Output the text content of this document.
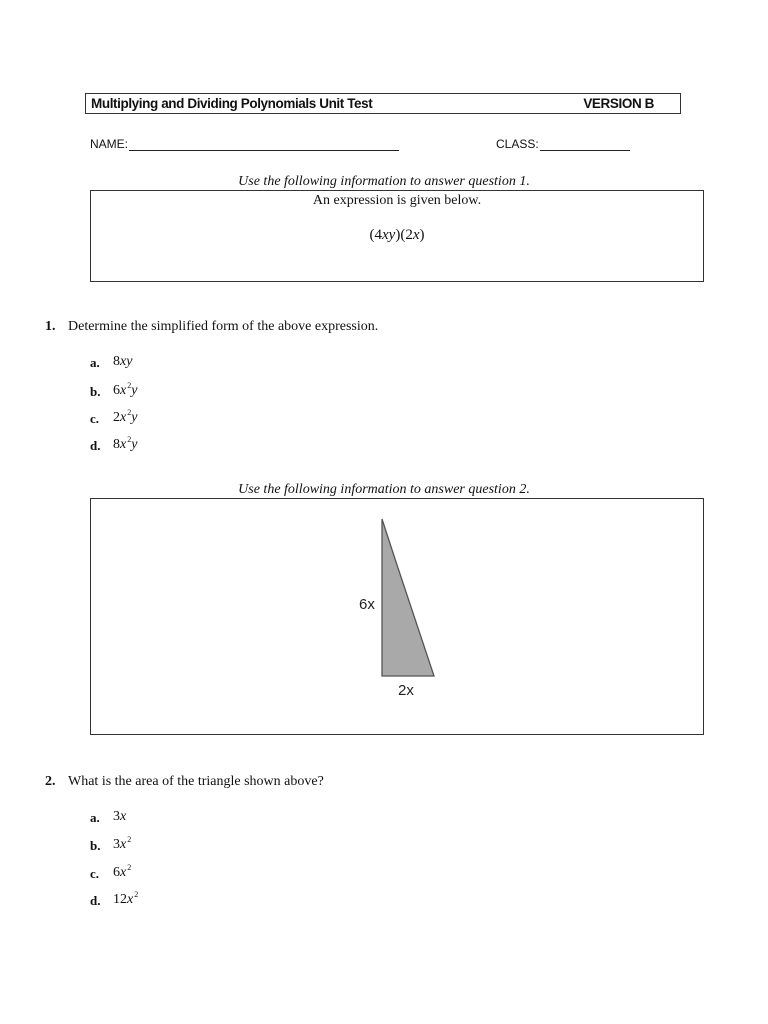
Multiplying and Dividing Polynomials Unit Test	VERSION B
NAME:	CLASS:
Use the following information to answer question 1.
An expression is given below.
(4xy)(2x)
1. Determine the simplified form of the above expression.
a. 8xy
b. $6x^2y$
c. $2x^2y$
d. $8x^2y$
Use the following information to answer question 2.
6x
2x
2. What is the area of the triangle shown above?
a. 3x
b. $3x^2$
c. $6x^2$
d. $12x^2$
